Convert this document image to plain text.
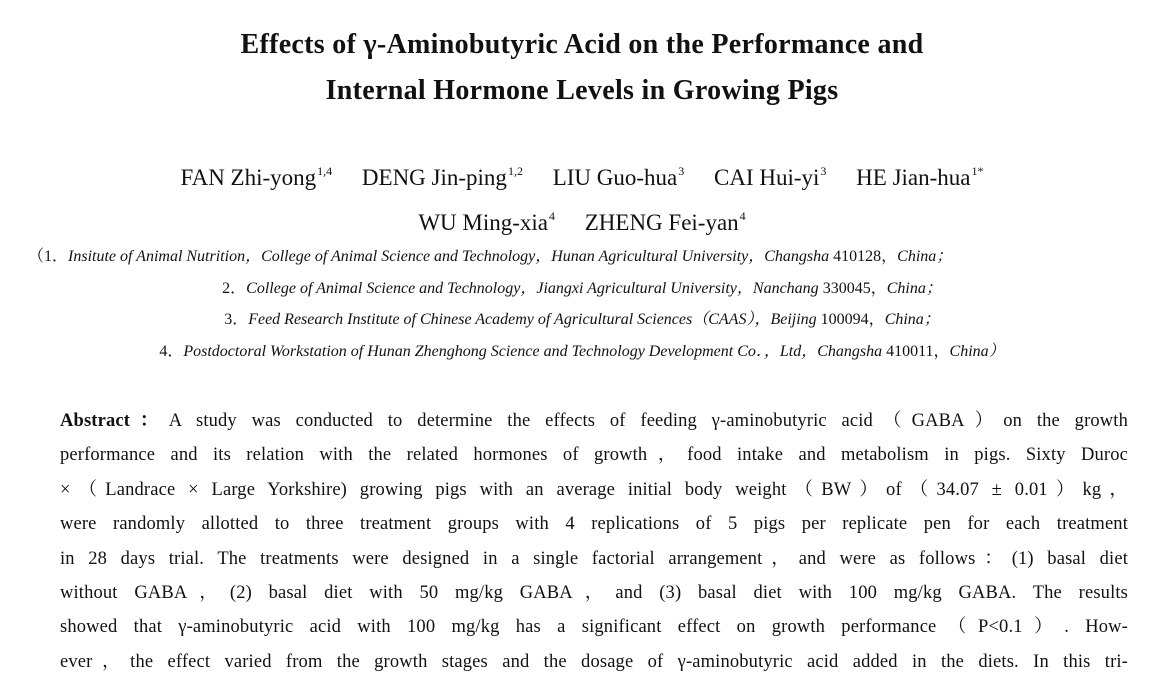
Effects of γ-Aminobutyric Acid on the Performance and
Internal Hormone Levels in Growing Pigs
FAN Zhi-yong$^{1,4}$ DENG Jin-ping$^{1,2}$ LIU Guo-hua$^3$ CAI Hui-$yi^3$ HE Jian-hua$^{1*}$
WU Ming-xia$^4$ ZHENG Fei-yan$^4$
（1．Insitute of Animal Nutrition，College of Animal Science and Technology，Hunan Agricultural University，Changsha 410128，China；
2．College of Animal Science and Technology，Jiangxi Agricultural University，Nanchang 330045，China；
3．Feed Research Institute of Chinese Academy of Agricultural Sciences（CAAS），Beijing 100094，China；
4．Postdoctoral Workstation of Hunan Zhenghong Science and Technology Development Co．，Ltd，Changsha 410011，China）
Abstract：A study was conducted to determine the effects of feeding γ-aminobutyric acid（GABA）on the growth
performance and its relation with the related hormones of growth，food intake and metabolism in pigs. Sixty Duroc
×（Landrace × Large Yorkshire) growing pigs with an average initial body weight（BW）of（34.07 ± 0.01）kg，
were randomly allotted to three treatment groups with 4 replications of 5 pigs per replicate pen for each treatment
in 28 days trial. The treatments were designed in a single factorial arrangement，and were as follows：(1) basal diet
without GABA，(2) basal diet with 50 mg/kg GABA，and (3) basal diet with 100 mg/kg GABA. The results
showed that γ-aminobutyric acid with 100 mg/kg has a significant effect on growth performance（P<0.1）. How-
ever，the effect varied from the growth stages and the dosage of γ-aminobutyric acid added in the diets. In this tri-
